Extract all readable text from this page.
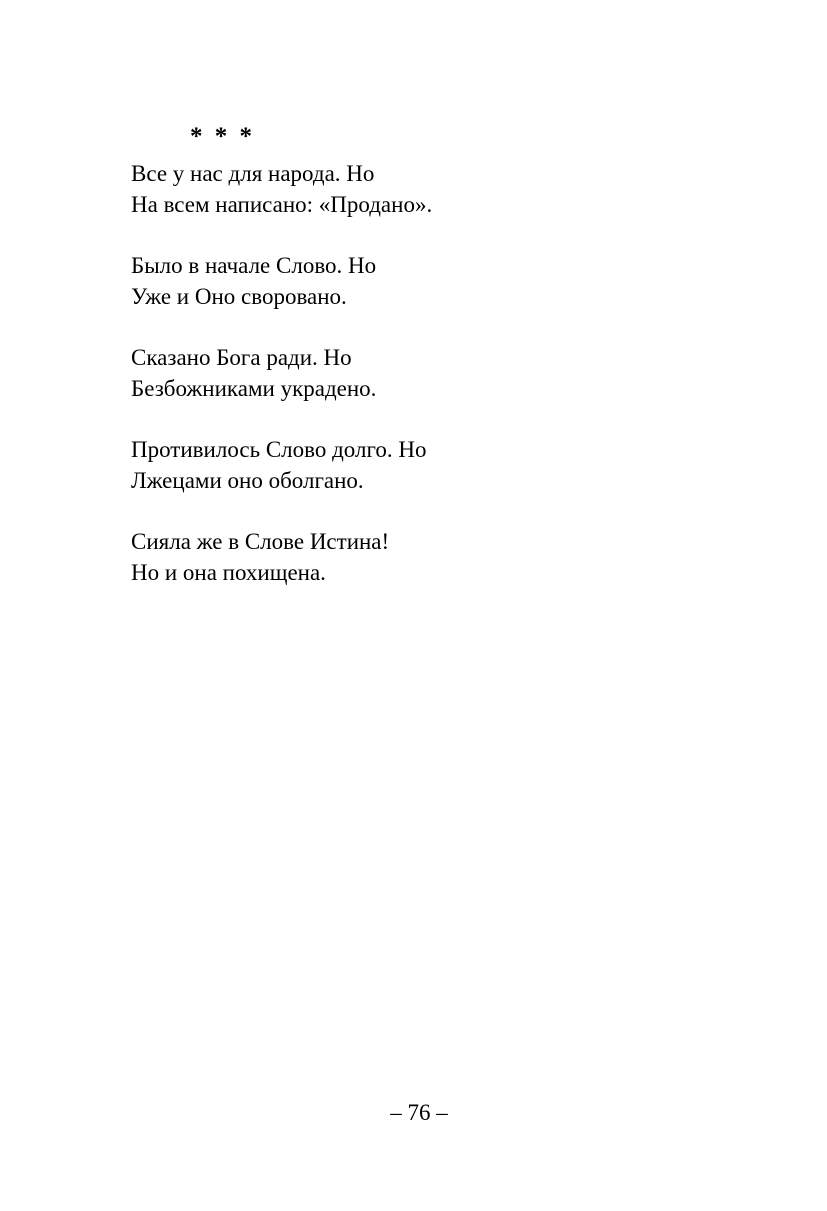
* * *
Все у нас для народа. Но
На всем написано: «Продано».
Было в начале Слово. Но
Уже и Оно своровано.
Сказано Бога ради. Но
Безбожниками украдено.
Противилось Слово долго. Но
Лжецами оно оболгано.
Сияла же в Слове Истина!
Но и она похищена.
– 76 –
